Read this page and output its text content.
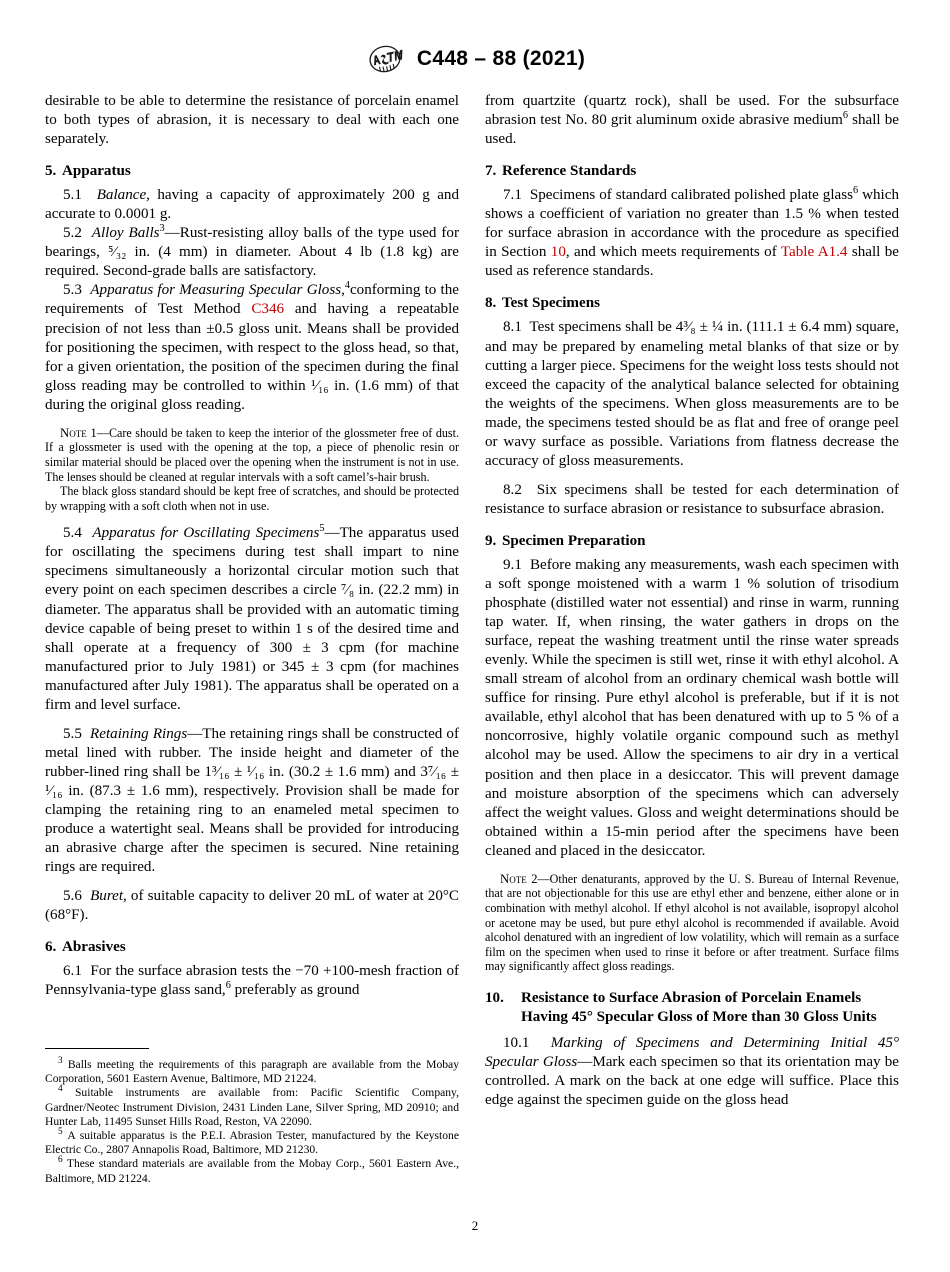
C448 – 88 (2021)

desirable to be able to determine the resistance of porcelain enamel to both types of abrasion, it is necessary to deal with each one separately.

5. Apparatus

5.1 Balance, having a capacity of approximately 200 g and accurate to 0.0001 g.

5.2 Alloy Balls$^3$—Rust-resisting alloy balls of the type used for bearings, ⁵⁄₃₂ in. (4 mm) in diameter. About 4 lb (1.8 kg) are required. Second-grade balls are satisfactory.

5.3 Apparatus for Measuring Specular Gloss,$^4$conforming to the requirements of Test Method C346 and having a repeatable precision of not less than ±0.5 gloss unit. Means shall be provided for positioning the specimen, with respect to the gloss head, so that, for a given orientation, the position of the specimen during the final gloss reading may be controlled to within ¹⁄₁₆ in. (1.6 mm) of that during the original gloss reading.

Note 1—Care should be taken to keep the interior of the glossmeter free of dust. If a glossmeter is used with the opening at the top, a piece of phenolic resin or similar material should be placed over the opening when the instrument is not in use. The lenses should be cleaned at regular intervals with a soft camel’s-hair brush.

The black gloss standard should be kept free of scratches, and should be protected by wrapping with a soft cloth when not in use.

5.4 Apparatus for Oscillating Specimens$^5$—The apparatus used for oscillating the specimens during test shall impart to nine specimens simultaneously a horizontal circular motion such that every point on each specimen describes a circle ⁷⁄₈ in. (22.2 mm) in diameter. The apparatus shall be provided with an automatic timing device capable of being preset to within 1 s of the desired time and shall operate at a frequency of 300 ± 3 cpm (for machine manufactured prior to July 1981) or 345 ± 3 cpm (for machines manufactured after July 1981). The apparatus shall be operated on a firm and level surface.

5.5 Retaining Rings—The retaining rings shall be constructed of metal lined with rubber. The inside height and diameter of the rubber-lined ring shall be 1³⁄₁₆ ± ¹⁄₁₆ in. (30.2 ± 1.6 mm) and 3⁷⁄₁₆ ± ¹⁄₁₆ in. (87.3 ± 1.6 mm), respectively. Provision shall be made for clamping the retaining ring to an enameled metal specimen to produce a watertight seal. Means shall be provided for introducing an abrasive charge after the specimen is secured. Nine retaining rings are required.

5.6 Buret, of suitable capacity to deliver 20 mL of water at 20°C (68°F).

6. Abrasives

6.1 For the surface abrasion tests the −70 +100-mesh fraction of Pennsylvania-type glass sand,$^6$ preferably as ground

from quartzite (quartz rock), shall be used. For the subsurface abrasion test No. 80 grit aluminum oxide abrasive medium$^6$ shall be used.

7. Reference Standards

7.1 Specimens of standard calibrated polished plate glass$^6$ which shows a coefficient of variation no greater than 1.5 % when tested for surface abrasion in accordance with the procedure as specified in Section 10, and which meets requirements of Table A1.4 shall be used as reference standards.

8. Test Specimens

8.1 Test specimens shall be 4³⁄₈ ± ¼ in. (111.1 ± 6.4 mm) square, and may be prepared by enameling metal blanks of that size or by cutting a larger piece. Specimens for the weight loss tests should not exceed the capacity of the analytical balance selected for obtaining the weights of the specimens. When gloss measurements are to be made, the specimens tested should be as flat and free of orange peel or wavy surface as possible. Variations from flatness decrease the accuracy of gloss measurements.

8.2 Six specimens shall be tested for each determination of resistance to surface abrasion or resistance to subsurface abrasion.

9. Specimen Preparation

9.1 Before making any measurements, wash each specimen with a soft sponge moistened with a warm 1 % solution of trisodium phosphate (distilled water not essential) and rinse in warm, running tap water. If, when rinsing, the water gathers in drops on the surface, repeat the washing treatment until the rinse water spreads evenly. While the specimen is still wet, rinse it with ethyl alcohol. A small stream of alcohol from an ordinary chemical wash bottle will suffice for rinsing. Pure ethyl alcohol is preferable, but if it is not available, ethyl alcohol that has been denatured with up to 5 % of a noncorrosive, highly volatile organic compound such as methyl alcohol may be used. Allow the specimens to air dry in a vertical position and then place in a desiccator. This will prevent damage and moisture absorption of the specimens which can adversely affect the weight values. Gloss and weight determinations should be obtained within a 15-min period after the specimens have been cleaned and placed in the desiccator.

Note 2—Other denaturants, approved by the U. S. Bureau of Internal Revenue, that are not objectionable for this use are ethyl ether and benzene, either alone or in combination with methyl alcohol. If ethyl alcohol is not available, isopropyl alcohol or acetone may be used, but pure ethyl alcohol is recommended if available. Avoid alcohol denatured with an ingredient of low volatility, which will remain as a surface film on the specimen when used to rinse it before or after treatment. Surface films may significantly affect gloss readings.

10. Resistance to Surface Abrasion of Porcelain Enamels Having 45° Specular Gloss of More than 30 Gloss Units

10.1 Marking of Specimens and Determining Initial 45° Specular Gloss—Mark each specimen so that its orientation may be controlled. A mark on the back at one edge will suffice. Place this edge against the specimen guide on the gloss head

$^3$ Balls meeting the requirements of this paragraph are available from the Mobay Corporation, 5601 Eastern Avenue, Baltimore, MD 21224.

$^4$ Suitable instruments are available from: Pacific Scientific Company, Gardner/Neotec Instrument Division, 2431 Linden Lane, Silver Spring, MD 20910; and Hunter Lab, 11495 Sunset Hills Road, Reston, VA 22090.

$^5$ A suitable apparatus is the P.E.I. Abrasion Tester, manufactured by the Keystone Electric Co., 2807 Annapolis Road, Baltimore, MD 21230.

$^6$ These standard materials are available from the Mobay Corp., 5601 Eastern Ave., Baltimore, MD 21224.

2
